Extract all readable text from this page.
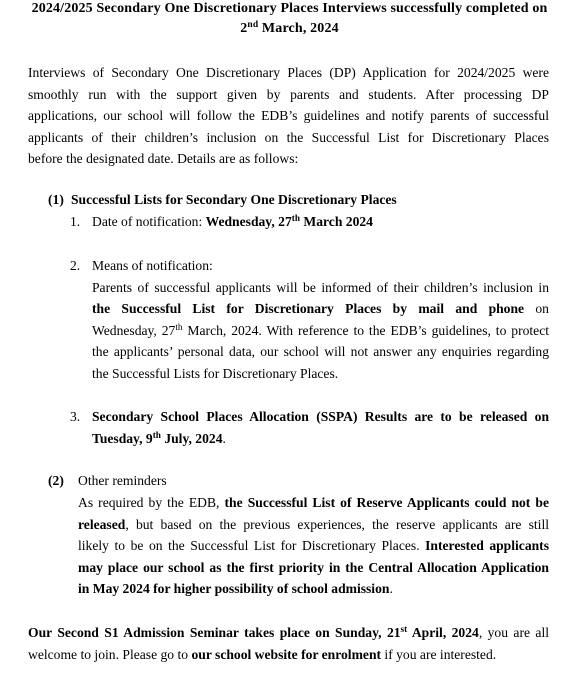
2024/2025 Secondary One Discretionary Places Interviews successfully completed on
2nd March, 2024
Interviews of Secondary One Discretionary Places (DP) Application for 2024/2025 were
smoothly run with the support given by parents and students. After processing DP
applications, our school will follow the EDB’s guidelines and notify parents of successful
applicants of their children’s inclusion on the Successful List for Discretionary Places
before the designated date. Details are as follows:
(1) Successful Lists for Secondary One Discretionary Places
1. Date of notification: Wednesday, 27th March 2024
2. Means of notification:
Parents of successful applicants will be informed of their children’s inclusion in
the Successful List for Discretionary Places by mail and phone on
Wednesday, 27th March, 2024. With reference to the EDB’s guidelines, to protect
the applicants’ personal data, our school will not answer any enquiries regarding
the Successful Lists for Discretionary Places.
3. Secondary School Places Allocation (SSPA) Results are to be released on
Tuesday, 9th July, 2024.
(2) Other reminders
As required by the EDB, the Successful List of Reserve Applicants could not be
released, but based on the previous experiences, the reserve applicants are still
likely to be on the Successful List for Discretionary Places. Interested applicants
may place our school as the first priority in the Central Allocation Application
in May 2024 for higher possibility of school admission.
Our Second S1 Admission Seminar takes place on Sunday, 21st April, 2024, you are all
welcome to join. Please go to our school website for enrolment if you are interested.
